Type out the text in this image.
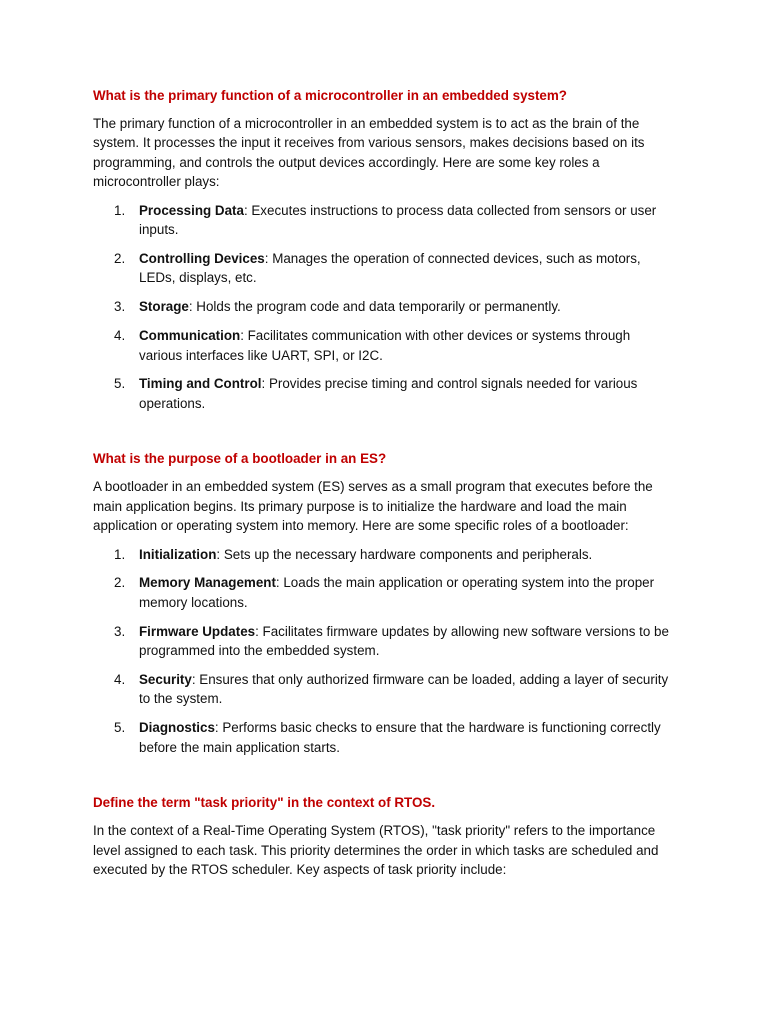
What is the primary function of a microcontroller in an embedded system?

The primary function of a microcontroller in an embedded system is to act as the brain of the system. It processes the input it receives from various sensors, makes decisions based on its programming, and controls the output devices accordingly. Here are some key roles a microcontroller plays:

1. Processing Data: Executes instructions to process data collected from sensors or user inputs.
2. Controlling Devices: Manages the operation of connected devices, such as motors, LEDs, displays, etc.
3. Storage: Holds the program code and data temporarily or permanently.
4. Communication: Facilitates communication with other devices or systems through various interfaces like UART, SPI, or I2C.
5. Timing and Control: Provides precise timing and control signals needed for various operations.

What is the purpose of a bootloader in an ES?

A bootloader in an embedded system (ES) serves as a small program that executes before the main application begins. Its primary purpose is to initialize the hardware and load the main application or operating system into memory. Here are some specific roles of a bootloader:

1. Initialization: Sets up the necessary hardware components and peripherals.
2. Memory Management: Loads the main application or operating system into the proper memory locations.
3. Firmware Updates: Facilitates firmware updates by allowing new software versions to be programmed into the embedded system.
4. Security: Ensures that only authorized firmware can be loaded, adding a layer of security to the system.
5. Diagnostics: Performs basic checks to ensure that the hardware is functioning correctly before the main application starts.

Define the term "task priority" in the context of RTOS.

In the context of a Real-Time Operating System (RTOS), "task priority" refers to the importance level assigned to each task. This priority determines the order in which tasks are scheduled and executed by the RTOS scheduler. Key aspects of task priority include:
